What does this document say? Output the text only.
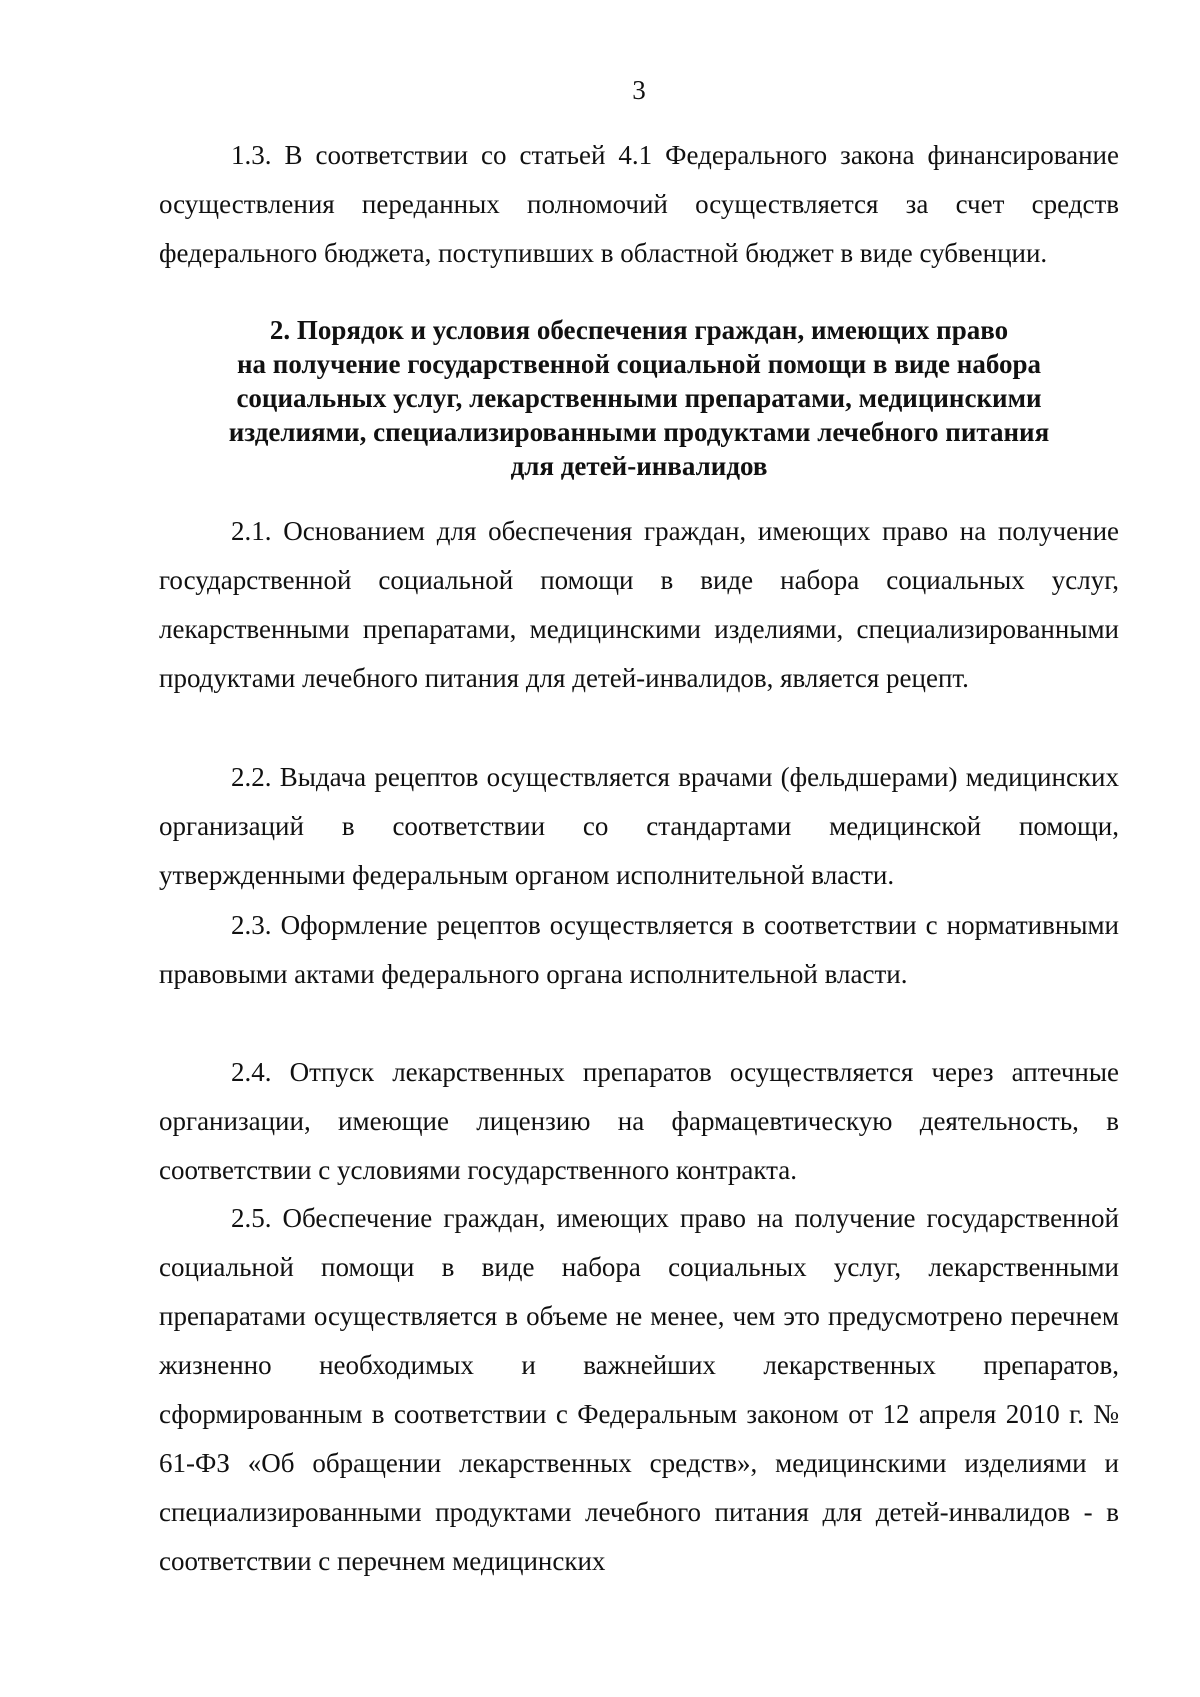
3

1.3. В соответствии со статьей 4.1 Федерального закона финансирование осуществления переданных полномочий осуществляется за счет средств федерального бюджета, поступивших в областной бюджет в виде субвенции.

2. Порядок и условия обеспечения граждан, имеющих право
на получение государственной социальной помощи в виде набора
социальных услуг, лекарственными препаратами, медицинскими
изделиями, специализированными продуктами лечебного питания
для детей-инвалидов

2.1. Основанием для обеспечения граждан, имеющих право на получение государственной социальной помощи в виде набора социальных услуг, лекарственными препаратами, медицинскими изделиями, специализированными продуктами лечебного питания для детей-инвалидов, является рецепт.

2.2. Выдача рецептов осуществляется врачами (фельдшерами) медицинских организаций в соответствии со стандартами медицинской помощи, утвержденными федеральным органом исполнительной власти.

2.3. Оформление рецептов осуществляется в соответствии с нормативными правовыми актами федерального органа исполнительной власти.

2.4. Отпуск лекарственных препаратов осуществляется через аптечные организации, имеющие лицензию на фармацевтическую деятельность, в соответствии с условиями государственного контракта.

2.5. Обеспечение граждан, имеющих право на получение государственной социальной помощи в виде набора социальных услуг, лекарственными препаратами осуществляется в объеме не менее, чем это предусмотрено перечнем жизненно необходимых и важнейших лекарственных препаратов, сформированным в соответствии с Федеральным законом от 12 апреля 2010 г. № 61-ФЗ «Об обращении лекарственных средств», медицинскими изделиями и специализированными продуктами лечебного питания для детей-инвалидов - в соответствии с перечнем медицинских
